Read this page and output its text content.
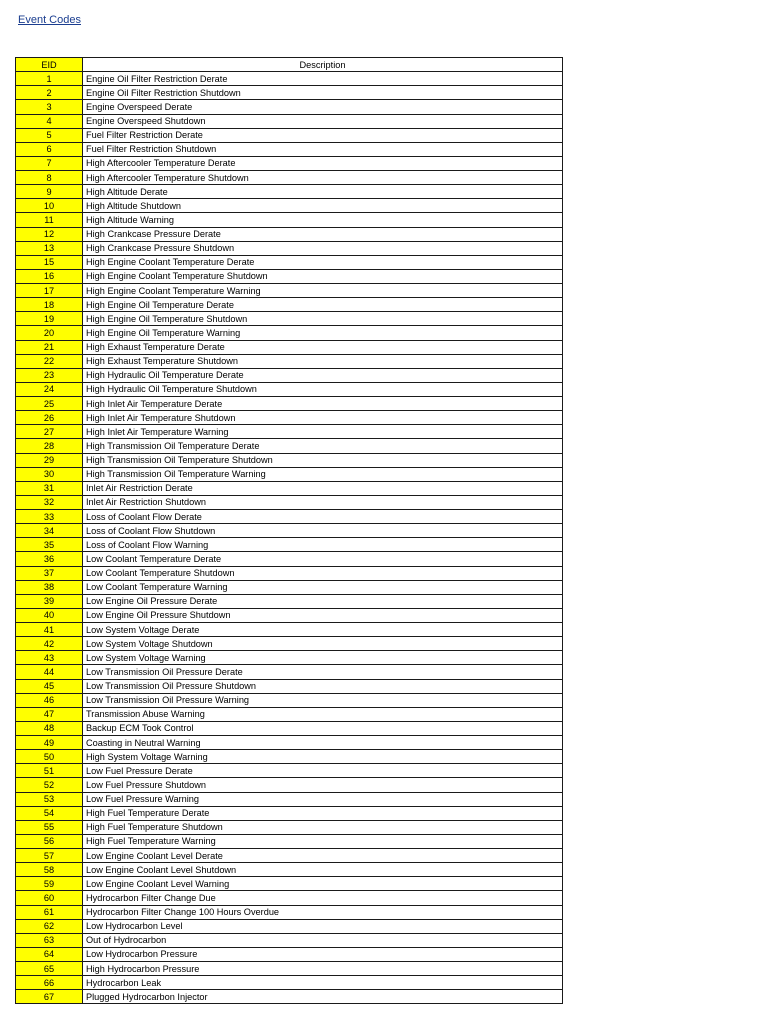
Event Codes
EID	Description
1	Engine Oil Filter Restriction Derate
2	Engine Oil Filter Restriction Shutdown
3	Engine Overspeed Derate
4	Engine Overspeed Shutdown
5	Fuel Filter Restriction Derate
6	Fuel Filter Restriction Shutdown
7	High Aftercooler Temperature Derate
8	High Aftercooler Temperature Shutdown
9	High Altitude Derate
10	High Altitude Shutdown
11	High Altitude Warning
12	High Crankcase Pressure Derate
13	High Crankcase Pressure Shutdown
15	High Engine Coolant Temperature Derate
16	High Engine Coolant Temperature Shutdown
17	High Engine Coolant Temperature Warning
18	High Engine Oil Temperature Derate
19	High Engine Oil Temperature Shutdown
20	High Engine Oil Temperature Warning
21	High Exhaust Temperature Derate
22	High Exhaust Temperature Shutdown
23	High Hydraulic Oil Temperature Derate
24	High Hydraulic Oil Temperature Shutdown
25	High Inlet Air Temperature Derate
26	High Inlet Air Temperature Shutdown
27	High Inlet Air Temperature Warning
28	High Transmission Oil Temperature Derate
29	High Transmission Oil Temperature Shutdown
30	High Transmission Oil Temperature Warning
31	Inlet Air Restriction Derate
32	Inlet Air Restriction Shutdown
33	Loss of Coolant Flow Derate
34	Loss of Coolant Flow Shutdown
35	Loss of Coolant Flow Warning
36	Low Coolant Temperature Derate
37	Low Coolant Temperature Shutdown
38	Low Coolant Temperature Warning
39	Low Engine Oil Pressure Derate
40	Low Engine Oil Pressure Shutdown
41	Low System Voltage Derate
42	Low System Voltage Shutdown
43	Low System Voltage Warning
44	Low Transmission Oil Pressure Derate
45	Low Transmission Oil Pressure Shutdown
46	Low Transmission Oil Pressure Warning
47	Transmission Abuse Warning
48	Backup ECM Took Control
49	Coasting in Neutral Warning
50	High System Voltage Warning
51	Low Fuel Pressure Derate
52	Low Fuel Pressure Shutdown
53	Low Fuel Pressure Warning
54	High Fuel Temperature Derate
55	High Fuel Temperature Shutdown
56	High Fuel Temperature Warning
57	Low Engine Coolant Level Derate
58	Low Engine Coolant Level Shutdown
59	Low Engine Coolant Level Warning
60	Hydrocarbon Filter Change Due
61	Hydrocarbon Filter Change 100 Hours Overdue
62	Low Hydrocarbon Level
63	Out of Hydrocarbon
64	Low Hydrocarbon Pressure
65	High Hydrocarbon Pressure
66	Hydrocarbon Leak
67	Plugged Hydrocarbon Injector
